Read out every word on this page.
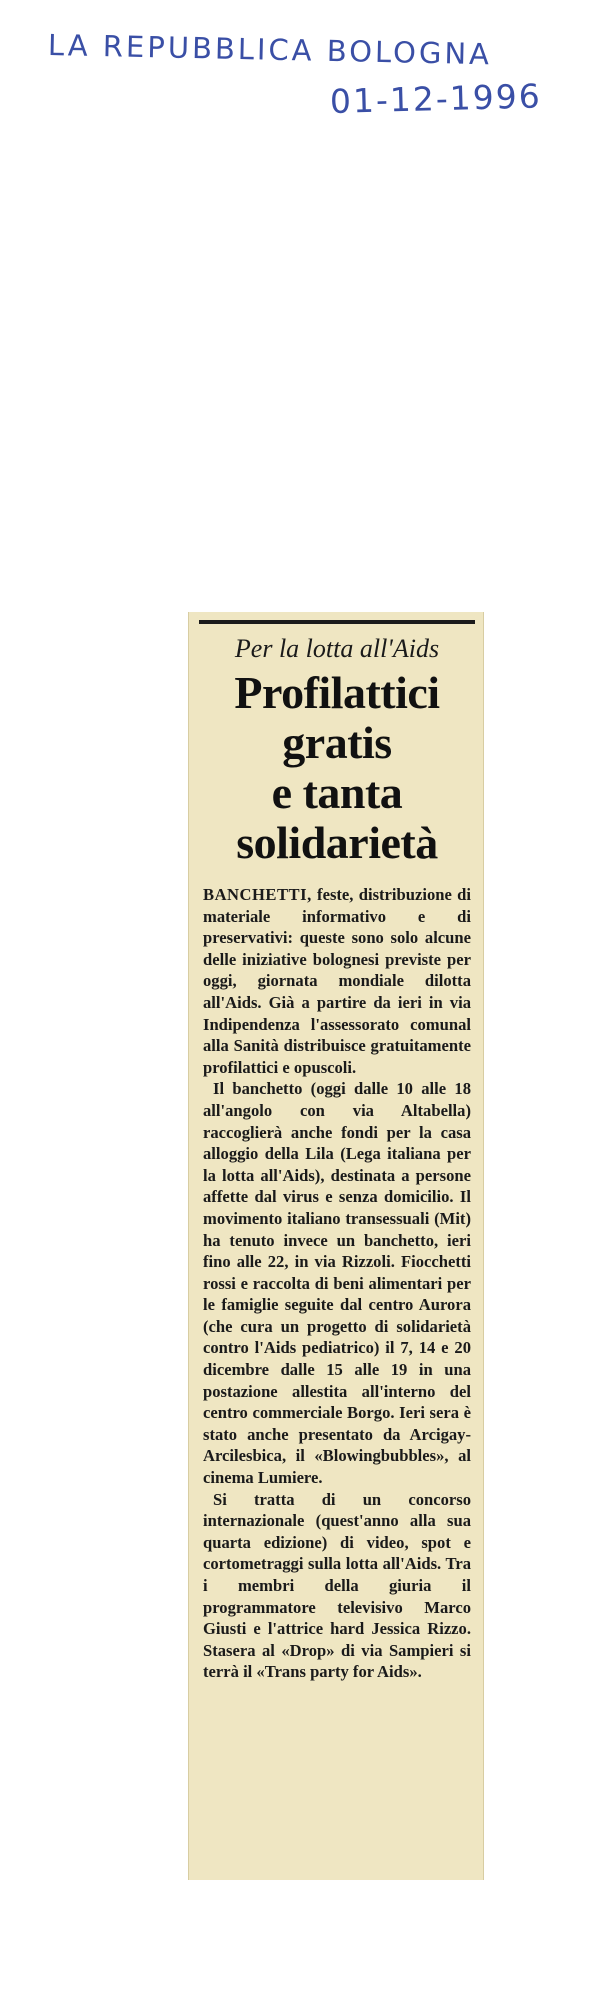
LA REPUBBLICA BOLOGNA
01-12-1996
Per la lotta all'Aids
Profilattici
gratis
e tanta
solidarietà

BANCHETTI, feste, distribuzione di materiale informativo e di preservativi: queste sono solo alcune delle iniziative bolognesi previste per oggi, giornata mondiale dilotta all'Aids. Già a partire da ieri in via Indipendenza l'assessorato comunal alla Sanità distribuisce gratuitamente profilattici e opuscoli.

Il banchetto (oggi dalle 10 alle 18 all'angolo con via Altabella) raccoglierà anche fondi per la casa alloggio della Lila (Lega italiana per la lotta all'Aids), destinata a persone affette dal virus e senza domicilio. Il movimento italiano transessuali (Mit) ha tenuto invece un banchetto, ieri fino alle 22, in via Rizzoli. Fiocchetti rossi e raccolta di beni alimentari per le famiglie seguite dal centro Aurora (che cura un progetto di solidarietà contro l'Aids pediatrico) il 7, 14 e 20 dicembre dalle 15 alle 19 in una postazione allestita all'interno del centro commerciale Borgo. Ieri sera è stato anche presentato da Arcigay-Arcilesbica, il «Blowingbubbles», al cinema Lumiere.

Si tratta di un concorso internazionale (quest'anno alla sua quarta edizione) di video, spot e cortometraggi sulla lotta all'Aids. Tra i membri della giuria il programmatore televisivo Marco Giusti e l'attrice hard Jessica Rizzo. Stasera al «Drop» di via Sampieri si terrà il «Trans party for Aids».
